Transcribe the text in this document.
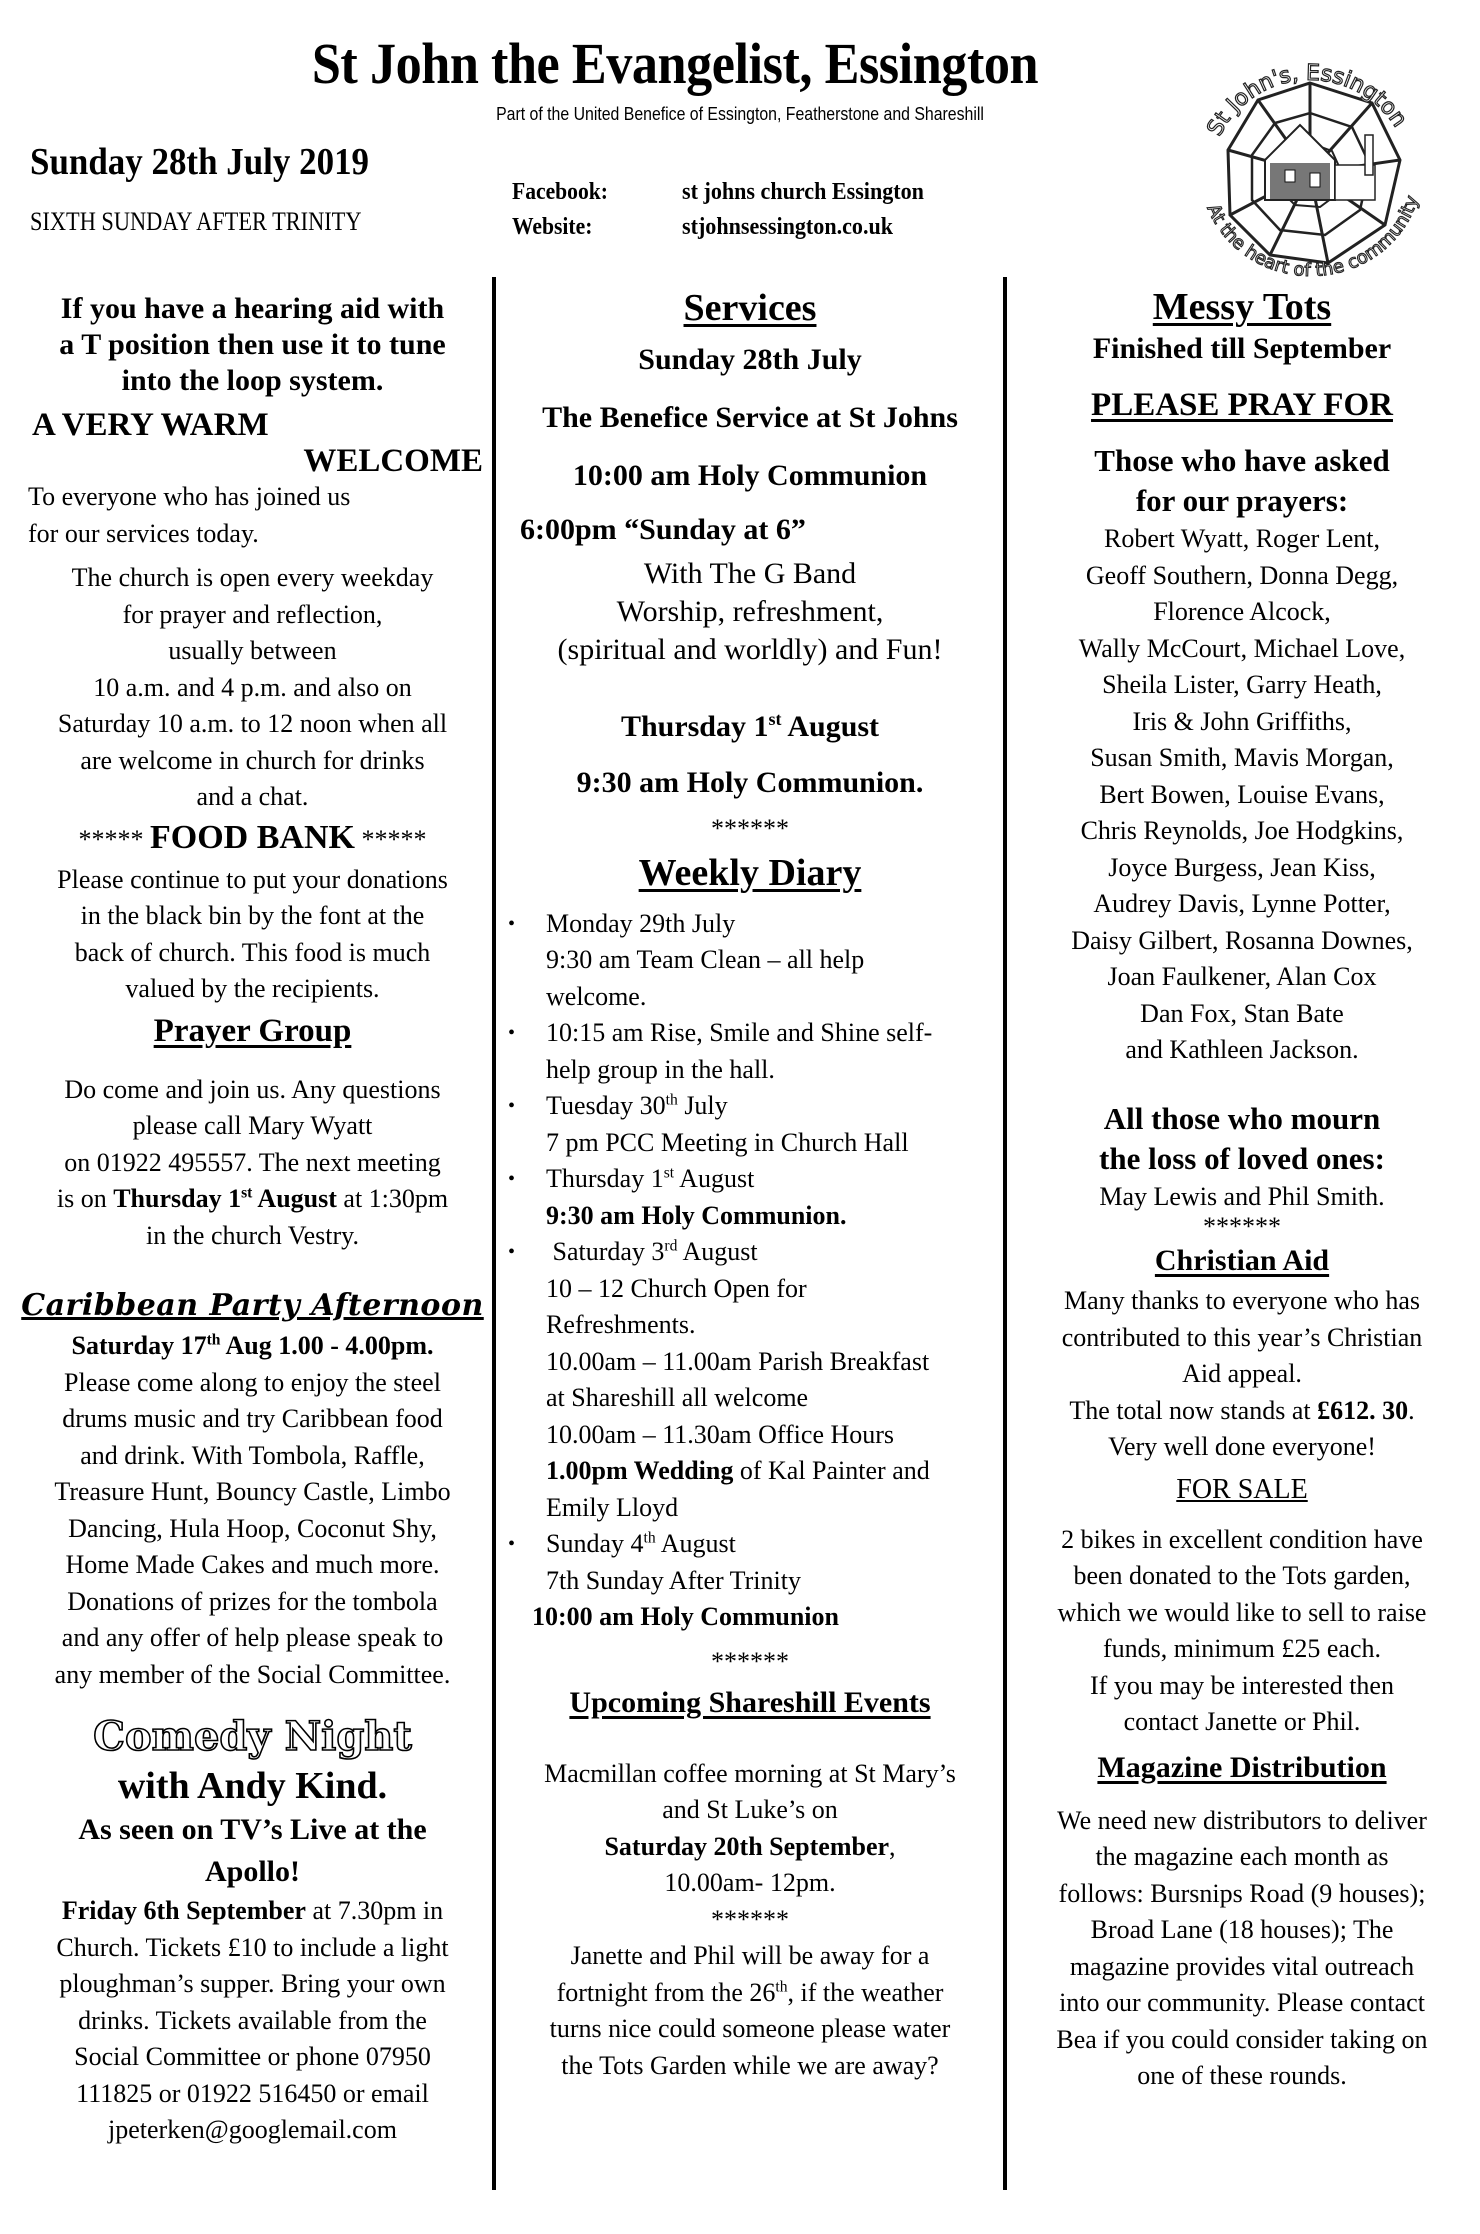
St John the Evangelist, Essington
Part of the United Benefice of Essington, Featherstone and Shareshill
Sunday 28th July 2019
SIXTH SUNDAY AFTER TRINITY
Facebook:	st johns church Essington
Website:	stjohnsessington.co.uk
St John's, Essington
At the heart of the community

If you have a hearing aid with

a T position then use it to tune

into the loop system.

A VERY WARM
WELCOME

To everyone who has joined us

for our services today.

The church is open every weekday

for prayer and reflection,

usually between

10 a.m. and 4 p.m. and also on

Saturday 10 a.m. to 12 noon when all

are welcome in church for drinks

and a chat.

***** FOOD BANK *****

Please continue to put your donations

in the black bin by the font at the

back of church. This food is much

valued by the recipients.

Prayer Group

Do come and join us. Any questions

please call Mary Wyatt

on 01922 495557. The next meeting

is on Thursday 1st August at 1:30pm

in the church Vestry.

Caribbean Party Afternoon
Saturday 17th Aug 1.00 - 4.00pm.

Please come along to enjoy the steel

drums music and try Caribbean food

and drink. With Tombola, Raffle,

Treasure Hunt, Bouncy Castle, Limbo

Dancing, Hula Hoop, Coconut Shy,

Home Made Cakes and much more.

Donations of prizes for the tombola

and any offer of help please speak to

any member of the Social Committee.

Comedy Night
with Andy Kind.

As seen on TV’s Live at the

Apollo!

Friday 6th September at 7.30pm in

Church. Tickets £10 to include a light

ploughman’s supper. Bring your own

drinks. Tickets available from the

Social Committee or phone 07950

111825 or 01922 516450 or email

jpeterken@googlemail.com

Services

Sunday 28th July

The Benefice Service at St Johns

10:00 am Holy Communion

6:00pm “Sunday at 6”

With The G Band

Worship, refreshment,

(spiritual and worldly) and Fun!

Thursday 1st August
9:30 am Holy Communion.
******
Weekly Diary
• Monday 29th July
9:30 am Team Clean – all help
welcome.
• 10:15 am Rise, Smile and Shine self-
help group in the hall.
• Tuesday 30th July
7 pm PCC Meeting in Church Hall
• Thursday 1st August
9:30 am Holy Communion.
• Saturday 3rd August
10 – 12 Church Open for
Refreshments.
10.00am – 11.00am Parish Breakfast
at Shareshill all welcome
10.00am – 11.30am Office Hours
1.00pm Wedding of Kal Painter and
Emily Lloyd
• Sunday 4th August
7th Sunday After Trinity
10:00 am Holy Communion
******
Upcoming Shareshill Events

Macmillan coffee morning at St Mary’s

and St Luke’s on

Saturday 20th September,

10.00am- 12pm.

******

Janette and Phil will be away for a

fortnight from the 26th, if the weather

turns nice could someone please water

the Tots Garden while we are away?

Messy Tots
Finished till September
PLEASE PRAY FOR

Those who have asked

for our prayers:

Robert Wyatt, Roger Lent,

Geoff Southern, Donna Degg,

Florence Alcock,

Wally McCourt, Michael Love,

Sheila Lister, Garry Heath,

Iris & John Griffiths,

Susan Smith, Mavis Morgan,

Bert Bowen, Louise Evans,

Chris Reynolds, Joe Hodgkins,

Joyce Burgess, Jean Kiss,

Audrey Davis, Lynne Potter,

Daisy Gilbert, Rosanna Downes,

Joan Faulkener, Alan Cox

Dan Fox, Stan Bate

and Kathleen Jackson.

All those who mourn

the loss of loved ones:

May Lewis and Phil Smith.
******
Christian Aid

Many thanks to everyone who has

contributed to this year’s Christian

Aid appeal.

The total now stands at £612. 30.

Very well done everyone!

FOR SALE

2 bikes in excellent condition have

been donated to the Tots garden,

which we would like to sell to raise

funds, minimum £25 each.

If you may be interested then

contact Janette or Phil.

Magazine Distribution

We need new distributors to deliver

the magazine each month as

follows: Bursnips Road (9 houses);

Broad Lane (18 houses); The

magazine provides vital outreach

into our community. Please contact

Bea if you could consider taking on

one of these rounds.
